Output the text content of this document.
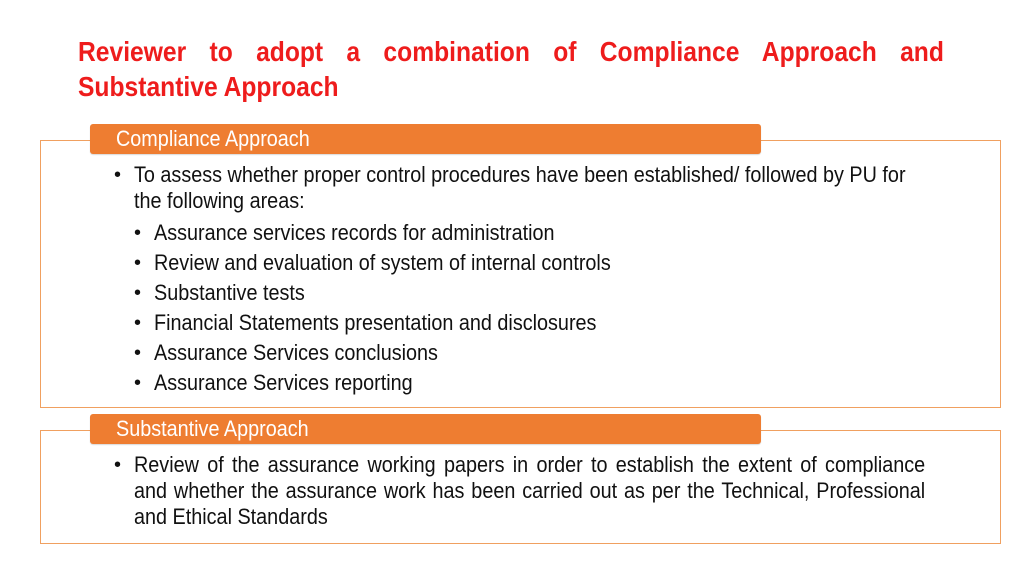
Reviewer to adopt a combination of Compliance Approach and Substantive Approach
Compliance Approach
• To assess whether proper control procedures have been established/ followed by PU for the following areas:
• Assurance services records for administration
• Review and evaluation of system of internal controls
• Substantive tests
• Financial Statements presentation and disclosures
• Assurance Services conclusions
• Assurance Services reporting
Substantive Approach
• Review of the assurance working papers in order to establish the extent of compliance and whether the assurance work has been carried out as per the Technical, Professional and Ethical Standards
